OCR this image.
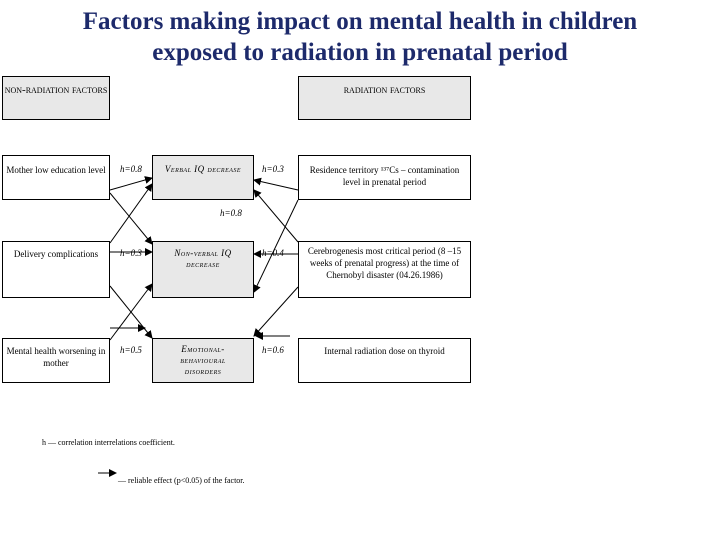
Factors making impact on mental health in children
exposed to radiation in prenatal period
non-radiation factors	radiation factors
Mother low education level
Delivery complications
Mental health worsening in mother
Verbal IQ decrease
Non-verbal IQ decrease
Emotional-behavioural disorders
Residence territory ¹³⁷Cs – contamination level in prenatal period
Cerebrogenesis most critical period (8 –15 weeks of prenatal progress) at the time of Chernobyl disaster (04.26.1986)
Internal radiation dose on thyroid
h=0.8
h=0.3
h=0.5
h=0.3
h=0.4
h=0.6
h=0.8
h — correlation interrelations coefficient.
— reliable effect (p<0.05) of the factor.
